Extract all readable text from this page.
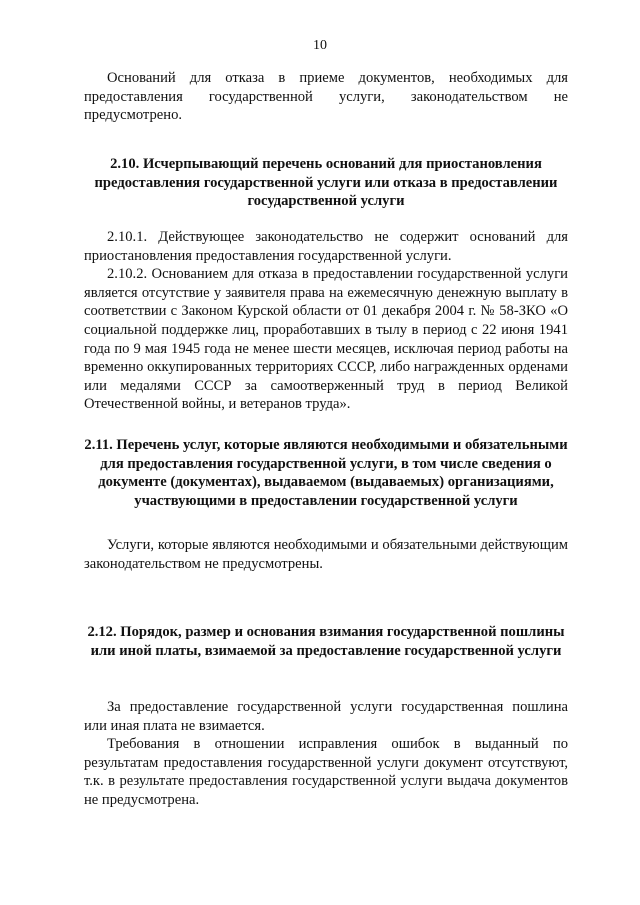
10

Оснований для отказа в приеме документов, необходимых для предоставления государственной услуги, законодательством не предусмотрено.

2.10. Исчерпывающий перечень оснований для приостановления предоставления государственной услуги или отказа в предоставлении государственной услуги

2.10.1. Действующее законодательство не содержит оснований для приостановления предоставления государственной услуги.

2.10.2. Основанием для отказа в предоставлении государственной услуги является отсутствие у заявителя права на ежемесячную денежную выплату в соответствии с Законом Курской области от 01 декабря 2004 г. № 58-ЗКО «О социальной поддержке лиц, проработавших в тылу в период с 22 июня 1941 года по 9 мая 1945 года не менее шести месяцев, исключая период работы на временно оккупированных территориях СССР, либо награжденных орденами или медалями СССР за самоотверженный труд в период Великой Отечественной войны, и ветеранов труда».

2.11. Перечень услуг, которые являются необходимыми и обязательными для предоставления государственной услуги, в том числе сведения о документе (документах), выдаваемом (выдаваемых) организациями, участвующими в предоставлении государственной услуги

Услуги, которые являются необходимыми и обязательными действующим законодательством не предусмотрены.

2.12. Порядок, размер и основания взимания государственной пошлины или иной платы, взимаемой за предоставление государственной услуги

За предоставление государственной услуги государственная пошлина или иная плата не взимается.

Требования в отношении исправления ошибок в выданный по результатам предоставления государственной услуги документ отсутствуют, т.к. в результате предоставления государственной услуги выдача документов не предусмотрена.
